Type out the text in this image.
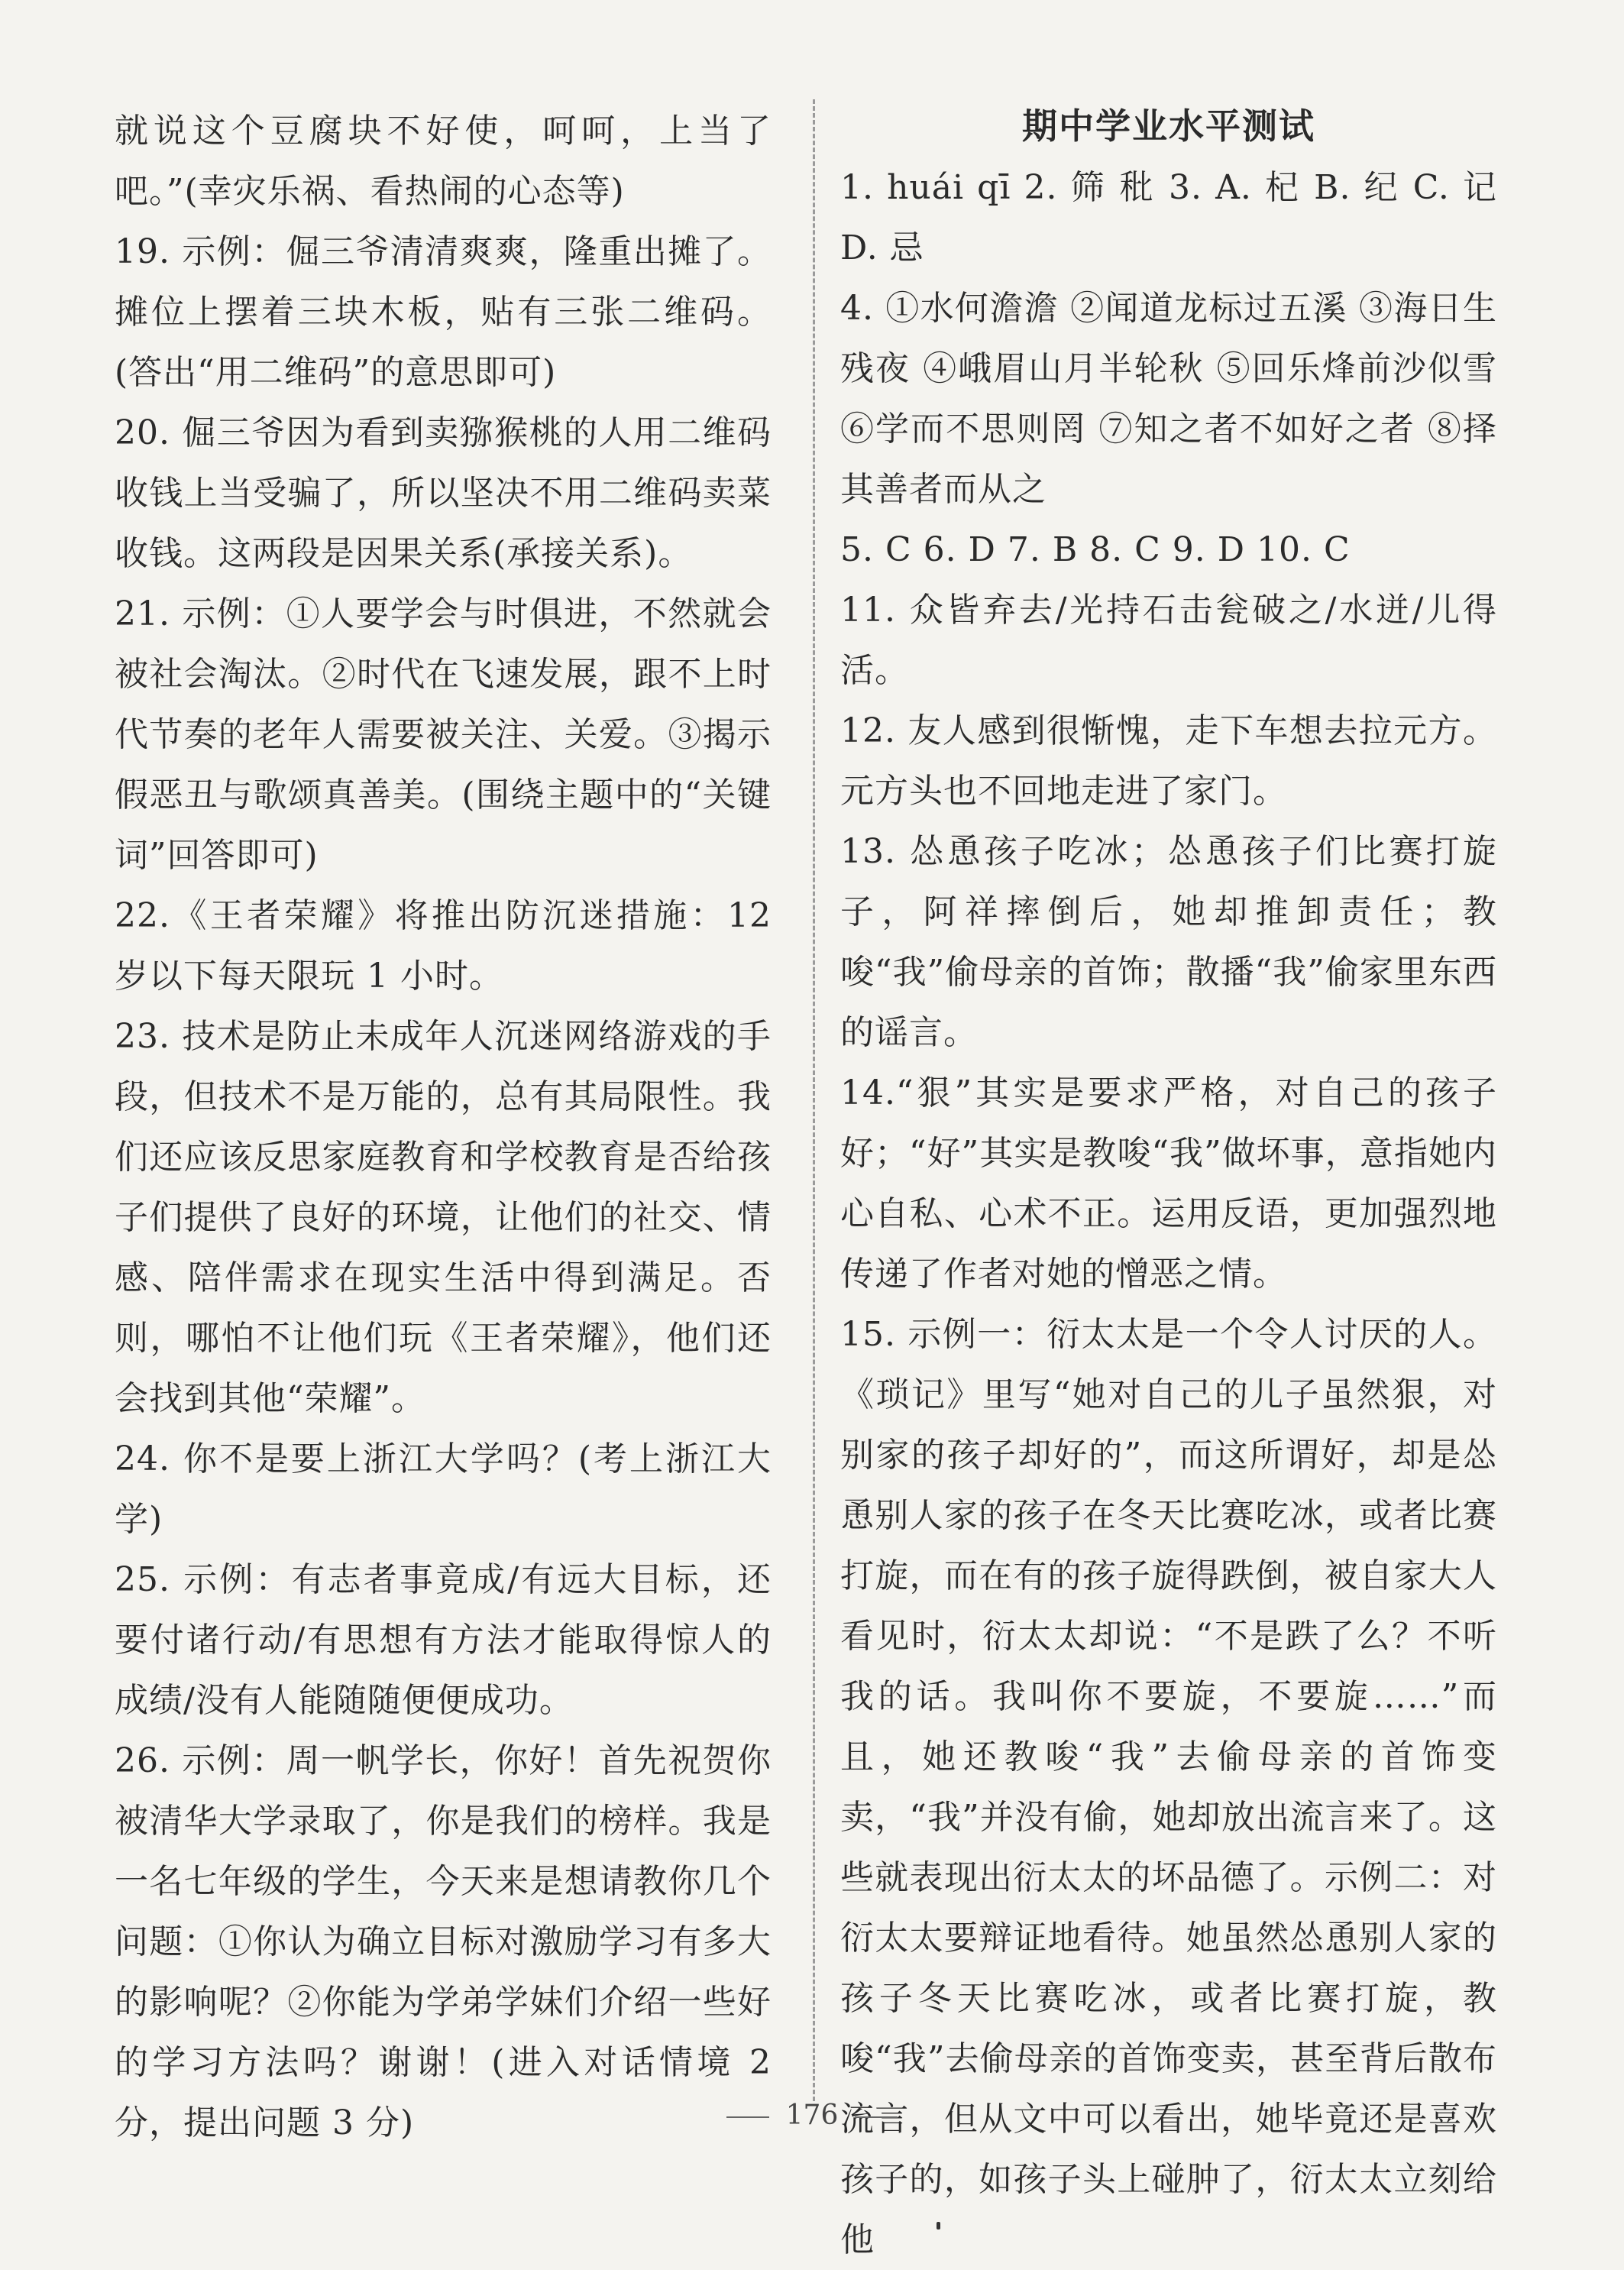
就说这个豆腐块不好使，呵呵，上当了吧。”(幸灾乐祸、看热闹的心态等)

19. 示例：倔三爷清清爽爽，隆重出摊了。摊位上摆着三块木板，贴有三张二维码。(答出“用二维码”的意思即可)

20. 倔三爷因为看到卖猕猴桃的人用二维码收钱上当受骗了，所以坚决不用二维码卖菜收钱。这两段是因果关系(承接关系)。

21. 示例：①人要学会与时俱进，不然就会被社会淘汰。②时代在飞速发展，跟不上时代节奏的老年人需要被关注、关爱。③揭示假恶丑与歌颂真善美。(围绕主题中的“关键词”回答即可)

22.《王者荣耀》将推出防沉迷措施：12 岁以下每天限玩 1 小时。

23. 技术是防止未成年人沉迷网络游戏的手段，但技术不是万能的，总有其局限性。我们还应该反思家庭教育和学校教育是否给孩子们提供了良好的环境，让他们的社交、情感、陪伴需求在现实生活中得到满足。否则，哪怕不让他们玩《王者荣耀》，他们还会找到其他“荣耀”。

24. 你不是要上浙江大学吗？(考上浙江大学)

25. 示例：有志者事竟成/有远大目标，还要付诸行动/有思想有方法才能取得惊人的成绩/没有人能随随便便成功。

26. 示例：周一帆学长，你好！首先祝贺你被清华大学录取了，你是我们的榜样。我是一名七年级的学生，今天来是想请教你几个问题：①你认为确立目标对激励学习有多大的影响呢？②你能为学弟学妹们介绍一些好的学习方法吗？谢谢！(进入对话情境 2 分，提出问题 3 分)

期中学业水平测试

1. huái qī 2. 筛 秕 3. A. 杞 B. 纪 C. 记 D. 忌

4. ①水何澹澹 ②闻道龙标过五溪 ③海日生残夜 ④峨眉山月半轮秋 ⑤回乐烽前沙似雪 ⑥学而不思则罔 ⑦知之者不如好之者 ⑧择其善者而从之

5. C 6. D 7. B 8. C 9. D 10. C

11. 众皆弃去/光持石击瓮破之/水迸/儿得活。

12. 友人感到很惭愧，走下车想去拉元方。元方头也不回地走进了家门。

13. 怂恿孩子吃冰；怂恿孩子们比赛打旋子，阿祥摔倒后，她却推卸责任；教唆“我”偷母亲的首饰；散播“我”偷家里东西的谣言。

14.“狠”其实是要求严格，对自己的孩子好；“好”其实是教唆“我”做坏事，意指她内心自私、心术不正。运用反语，更加强烈地传递了作者对她的憎恶之情。

15. 示例一：衍太太是一个令人讨厌的人。《琐记》里写“她对自己的儿子虽然狠，对别家的孩子却好的”，而这所谓好，却是怂恿别人家的孩子在冬天比赛吃冰，或者比赛打旋，而在有的孩子旋得跌倒，被自家大人看见时，衍太太却说：“不是跌了么？不听我的话。我叫你不要旋，不要旋……”而且，她还教唆“我”去偷母亲的首饰变卖，“我”并没有偷，她却放出流言来了。这些就表现出衍太太的坏品德了。示例二：对衍太太要辩证地看待。她虽然怂恿别人家的孩子冬天比赛吃冰，或者比赛打旋，教唆“我”去偷母亲的首饰变卖，甚至背后散布流言，但从文中可以看出，她毕竟还是喜欢孩子的，如孩子头上碰肿了，衍太太立刻给他

176
